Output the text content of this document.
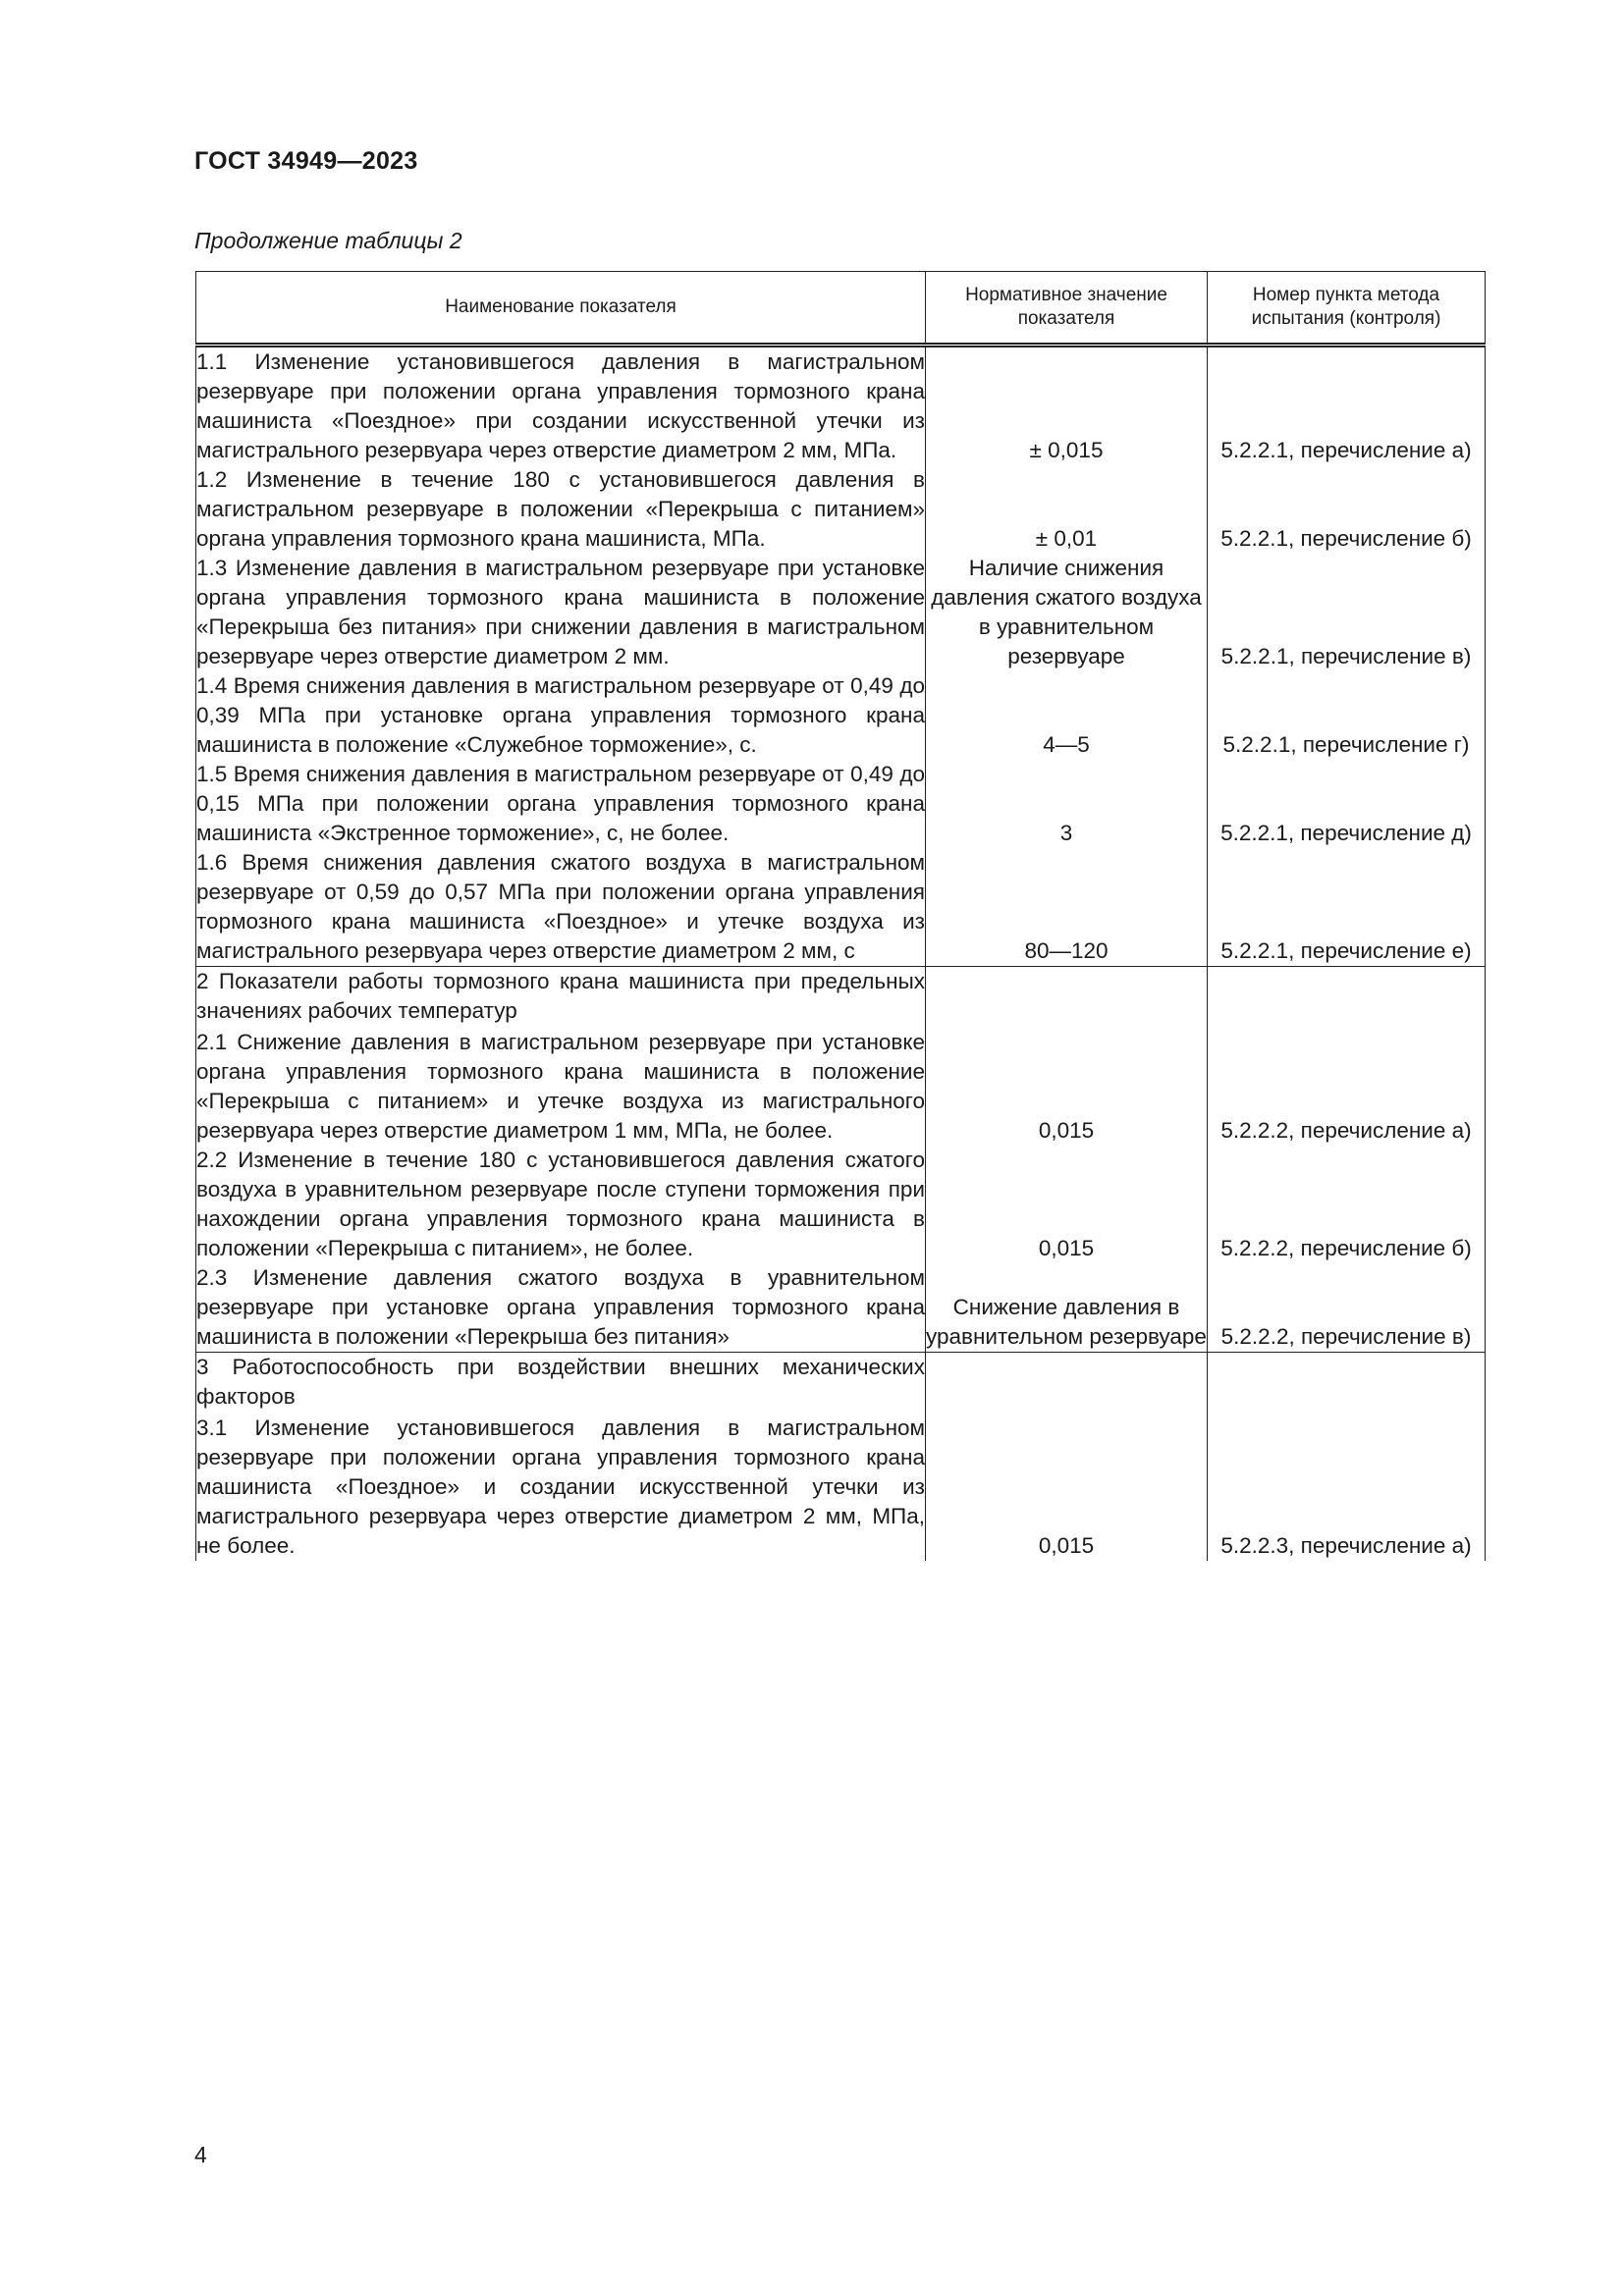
ГОСТ 34949—2023
Продолжение таблицы 2
Наименование показателя	Нормативное значение показателя	Номер пункта метода испытания (контроля)
1.1 Изменение установившегося давления в магистральном резервуаре при положении органа управления тормозного крана машиниста «Поездное» при создании искусственной утечки из магистрального резервуара через отверстие диаметром 2 мм, МПа.	± 0,015	5.2.2.1, перечисление а)
1.2 Изменение в течение 180 с установившегося давления в магистральном резервуаре в положении «Перекрыша с питанием» органа управления тормозного крана машиниста, МПа.	± 0,01	5.2.2.1, перечисление б)
1.3 Изменение давления в магистральном резервуаре при установке органа управления тормозного крана машиниста в положение «Перекрыша без питания» при снижении давления в магистральном резервуаре через отверстие диаметром 2 мм.	Наличие снижения давления сжатого воздуха в уравнительном резервуаре	5.2.2.1, перечисление в)
1.4 Время снижения давления в магистральном резервуаре от 0,49 до 0,39 МПа при установке органа управления тормозного крана машиниста в положение «Служебное торможение», с.	4—5	5.2.2.1, перечисление г)
1.5 Время снижения давления в магистральном резервуаре от 0,49 до 0,15 МПа при положении органа управления тормозного крана машиниста «Экстренное торможение», с, не более.	3	5.2.2.1, перечисление д)
1.6 Время снижения давления сжатого воздуха в магистральном резервуаре от 0,59 до 0,57 МПа при положении органа управления тормозного крана машиниста «Поездное» и утечке воздуха из магистрального резервуара через отверстие диаметром 2 мм, с	80—120	5.2.2.1, перечисление е)
2 Показатели работы тормозного крана машиниста при предельных значениях рабочих температур		
2.1 Снижение давления в магистральном резервуаре при установке органа управления тормозного крана машиниста в положение «Перекрыша с питанием» и утечке воздуха из магистрального резервуара через отверстие диаметром 1 мм, МПа, не более.	0,015	5.2.2.2, перечисление а)
2.2 Изменение в течение 180 с установившегося давления сжатого воздуха в уравнительном резервуаре после ступени торможения при нахождении органа управления тормозного крана машиниста в положении «Перекрыша с питанием», не более.	0,015	5.2.2.2, перечисление б)
2.3 Изменение давления сжатого воздуха в уравнительном резервуаре при установке органа управления тормозного крана машиниста в положении «Перекрыша без питания»	Снижение давления в уравнительном резервуаре	5.2.2.2, перечисление в)
3 Работоспособность при воздействии внешних механических факторов		
3.1 Изменение установившегося давления в магистральном резервуаре при положении органа управления тормозного крана машиниста «Поездное» и создании искусственной утечки из магистрального резервуара через отверстие диаметром 2 мм, МПа, не более.	0,015	5.2.2.3, перечисление а)
4
